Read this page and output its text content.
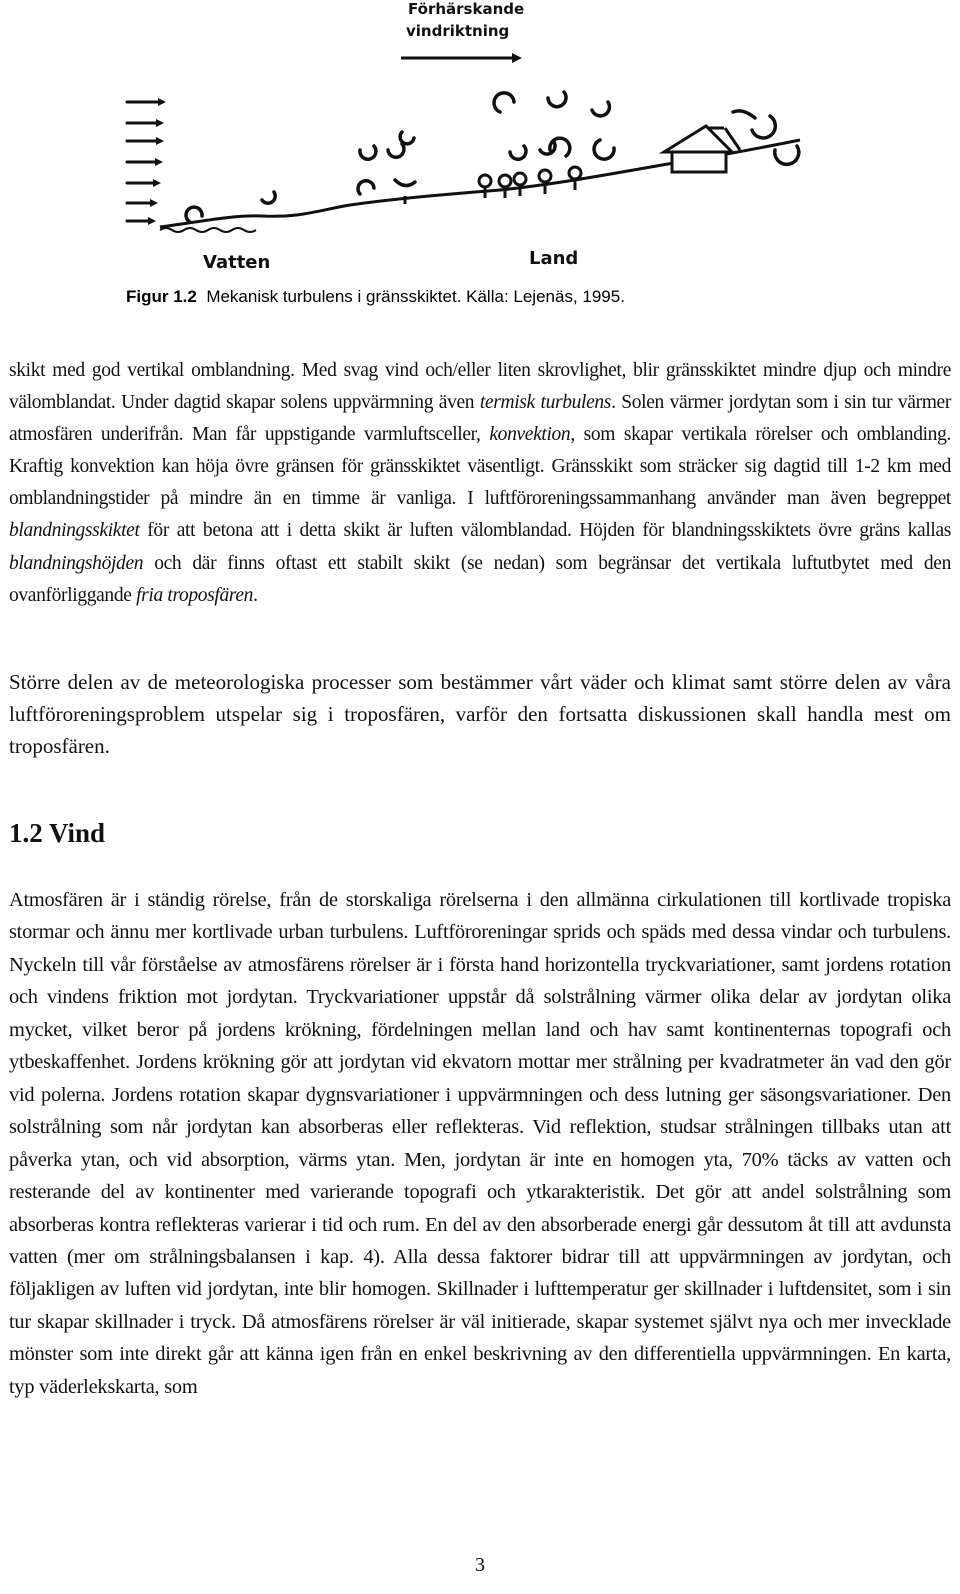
Förhärskande
vindriktning
Vatten	Land
Figur 1.2 Mekanisk turbulens i gränsskiktet. Källa: Lejenäs, 1995.

skikt med god vertikal omblandning. Med svag vind och/eller liten skrovlighet, blir gränsskiktet mindre djup och mindre välomblandat. Under dagtid skapar solens uppvärmning även termisk turbulens. Solen värmer jordytan som i sin tur värmer atmosfären underifrån. Man får uppstigande varmluftsceller, konvektion, som skapar vertikala rörelser och omblanding. Kraftig konvektion kan höja övre gränsen för gränsskiktet väsentligt. Gränsskikt som sträcker sig dagtid till 1-2 km med omblandningstider på mindre än en timme är vanliga. I luftföroreningssammanhang använder man även begreppet blandningsskiktet för att betona att i detta skikt är luften välomblandad. Höjden för blandningsskiktets övre gräns kallas blandningshöjden och där finns oftast ett stabilt skikt (se nedan) som begränsar det vertikala luftutbytet med den ovanförliggande fria troposfären.

Större delen av de meteorologiska processer som bestämmer vårt väder och klimat samt större delen av våra luftföroreningsproblem utspelar sig i troposfären, varför den fortsatta diskussionen skall handla mest om troposfären.

1.2 Vind

Atmosfären är i ständig rörelse, från de storskaliga rörelserna i den allmänna cirkulationen till kortlivade tropiska stormar och ännu mer kortlivade urban turbulens. Luftföroreningar sprids och späds med dessa vindar och turbulens. Nyckeln till vår förståelse av atmosfärens rörelser är i första hand horizontella tryckvariationer, samt jordens rotation och vindens friktion mot jordytan. Tryckvariationer uppstår då solstrålning värmer olika delar av jordytan olika mycket, vilket beror på jordens krökning, fördelningen mellan land och hav samt kontinenternas topografi och ytbeskaffenhet. Jordens krökning gör att jordytan vid ekvatorn mottar mer strålning per kvadratmeter än vad den gör vid polerna. Jordens rotation skapar dygnsvariationer i uppvärmningen och dess lutning ger säsongsvariationer. Den solstrålning som når jordytan kan absorberas eller reflekteras. Vid reflektion, studsar strålningen tillbaks utan att påverka ytan, och vid absorption, värms ytan. Men, jordytan är inte en homogen yta, 70% täcks av vatten och resterande del av kontinenter med varierande topografi och ytkarakteristik. Det gör att andel solstrålning som absorberas kontra reflekteras varierar i tid och rum. En del av den absorberade energi går dessutom åt till att avdunsta vatten (mer om strålningsbalansen i kap. 4). Alla dessa faktorer bidrar till att uppvärmningen av jordytan, och följakligen av luften vid jordytan, inte blir homogen. Skillnader i lufttemperatur ger skillnader i luftdensitet, som i sin tur skapar skillnader i tryck. Då atmosfärens rörelser är väl initierade, skapar systemet självt nya och mer invecklade mönster som inte direkt går att känna igen från en enkel beskrivning av den differentiella uppvärmningen. En karta, typ väderlekskarta, som

3
